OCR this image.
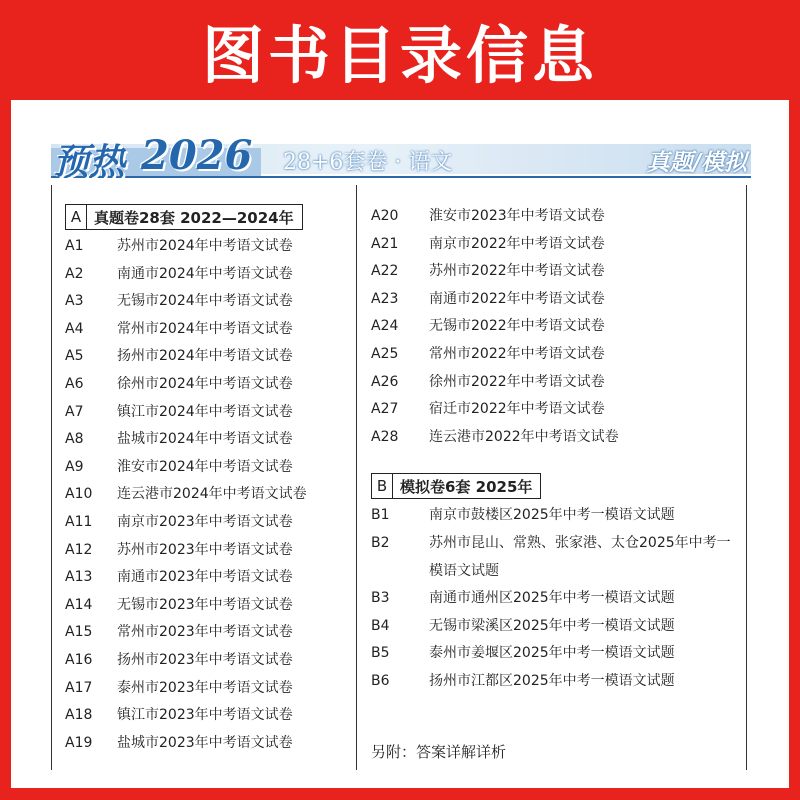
图书目录信息
预热 2026 28+6套卷 · 语文	真题/模拟
A 真题卷28套 2022—2024年
A1	苏州市2024年中考语文试卷
A2	南通市2024年中考语文试卷
A3	无锡市2024年中考语文试卷
A4	常州市2024年中考语文试卷
A5	扬州市2024年中考语文试卷
A6	徐州市2024年中考语文试卷
A7	镇江市2024年中考语文试卷
A8	盐城市2024年中考语文试卷
A9	淮安市2024年中考语文试卷
A10	连云港市2024年中考语文试卷
A11	南京市2023年中考语文试卷
A12	苏州市2023年中考语文试卷
A13	南通市2023年中考语文试卷
A14	无锡市2023年中考语文试卷
A15	常州市2023年中考语文试卷
A16	扬州市2023年中考语文试卷
A17	泰州市2023年中考语文试卷
A18	镇江市2023年中考语文试卷
A19	盐城市2023年中考语文试卷
A20	淮安市2023年中考语文试卷
A21	南京市2022年中考语文试卷
A22	苏州市2022年中考语文试卷
A23	南通市2022年中考语文试卷
A24	无锡市2022年中考语文试卷
A25	常州市2022年中考语文试卷
A26	徐州市2022年中考语文试卷
A27	宿迁市2022年中考语文试卷
A28	连云港市2022年中考语文试卷
B 模拟卷6套 2025年
B1	南京市鼓楼区2025年中考一模语文试题
B2	苏州市昆山、常熟、张家港、太仓2025年中考一模语文试题
B3	南通市通州区2025年中考一模语文试题
B4	无锡市梁溪区2025年中考一模语文试题
B5	泰州市姜堰区2025年中考一模语文试题
B6	扬州市江都区2025年中考一模语文试题
另附：答案详解详析
